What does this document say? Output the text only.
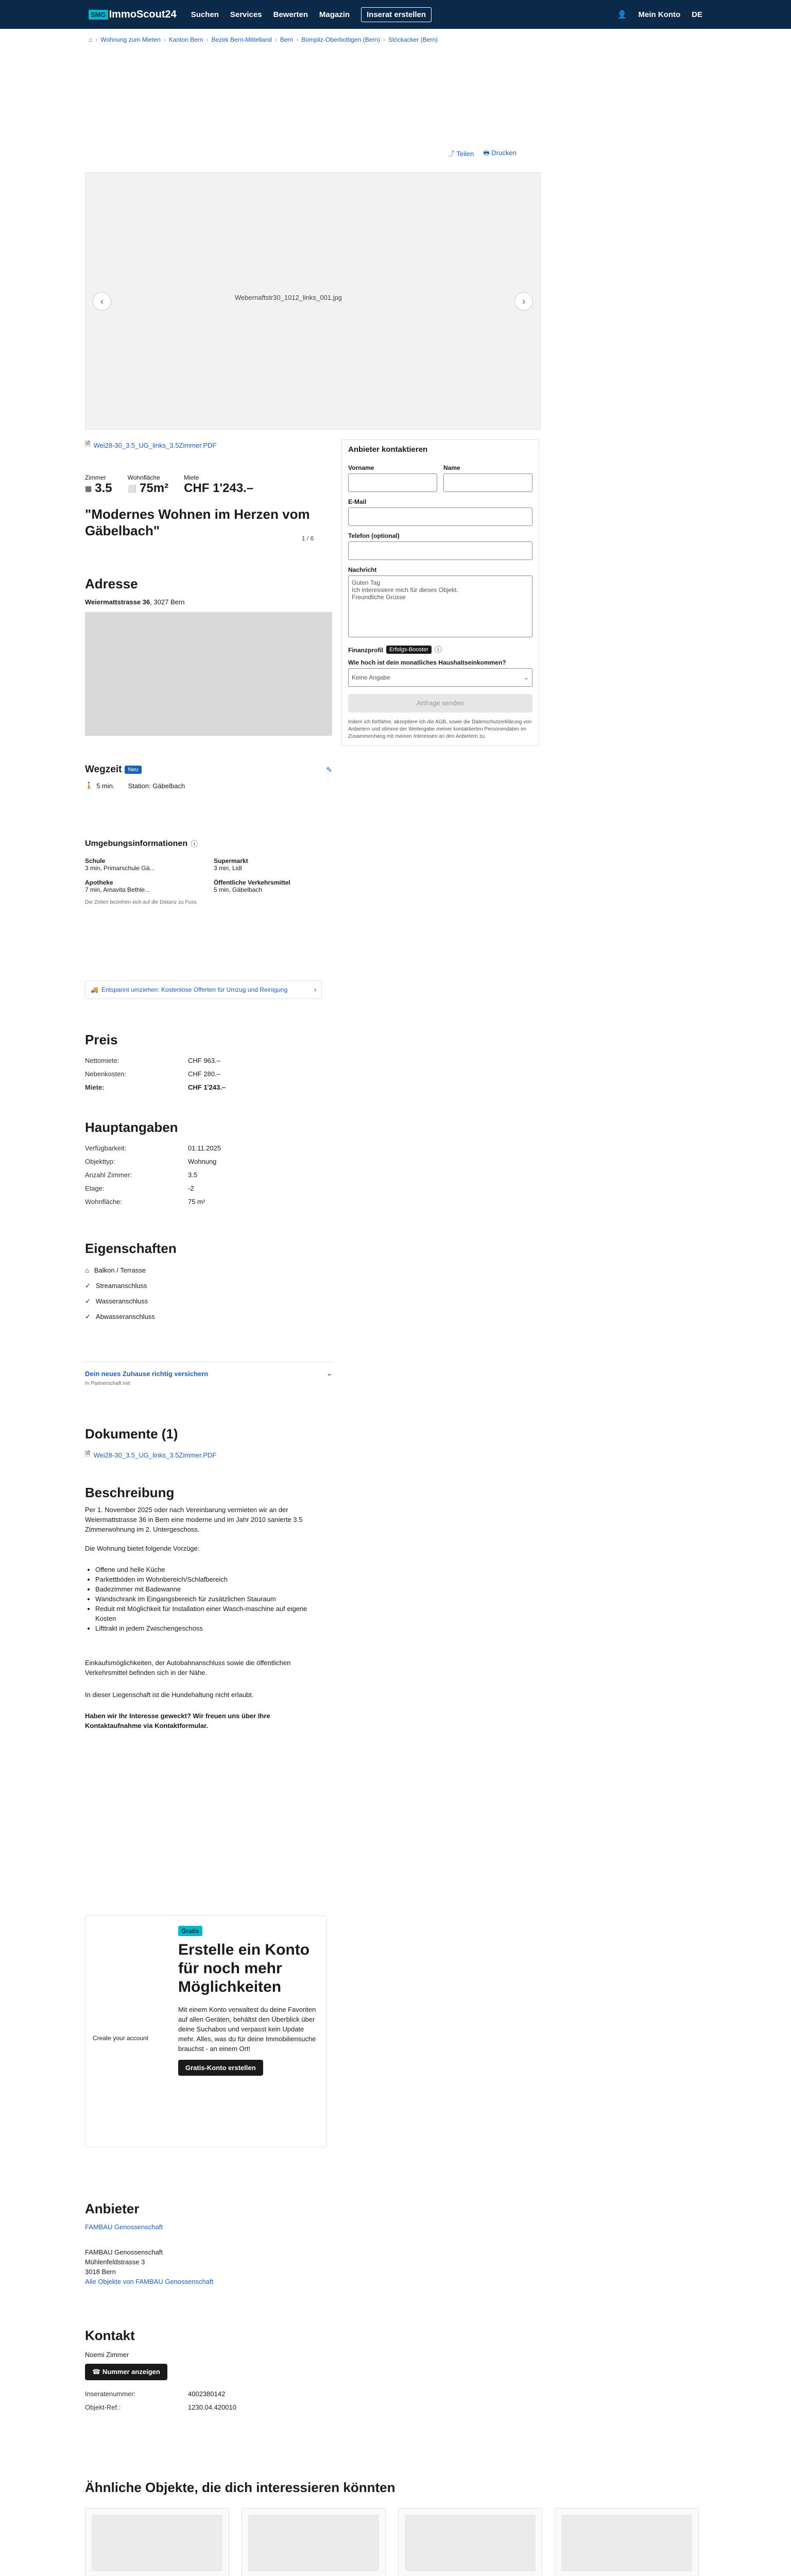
SMG ImmoScout24 Suchen Services Bewerten Magazin Inserat erstellen	👤 Mein Konto DE
⌂ › Wohnung zum Mieten › Kanton Bern › Bezirk Bern-Mittelland › Bern › Bümpliz-Oberbottigen (Bern) › Stöckacker (Bern)
⤴ Teilen 🖶 Drucken
Webernaftstr30_1012_links_001.jpg
‹	›
1 / 6
🗎 Wei28-30_3.5_UG_links_3.5Zimmer.PDF
Zimmer
▦ 3.5
Wohnfläche
⬜ 75m²
Miete
CHF 1'243.–
"Modernes Wohnen im Herzen vom Gäbelbach"
Adresse
Weiermattstrasse 36, 3027 Bern
Wegzeit	Neu	✎
🚶 5 min. Station: Gäbelbach
Umgebungsinformationen ⓘ
Schule
3 min, Primarschule Gä...
Supermarkt
3 min, Lidl
Apotheke
7 min, Amavita Bethle...
Öffentliche Verkehrsmittel
5 min, Gäbelbach
Die Zeiten beziehen sich auf die Distanz zu Fuss.
🚚 Entspannt umziehen: Kostenlose Offerten für Umzug und Reinigung	›
Preis
Nettomiete:	CHF 963.–
Nebenkosten:	CHF 280.–
Miete:	CHF 1'243.–
Hauptangaben
Verfügbarkeit:	01.11.2025
Objekttyp:	Wohnung
Anzahl Zimmer:	3.5
Etage:	-2
Wohnfläche:	75 m²
Eigenschaften
⌂ Balkon / Terrasse
✓ Streamanschluss
✓ Wasseranschluss
✓ Abwasseranschluss
Dein neues Zuhause richtig versichern	⌄
In Partnerschaft mit:
Dokumente (1)
🗎 Wei28-30_3.5_UG_links_3.5Zimmer.PDF
Beschreibung

Per 1. November 2025 oder nach Vereinbarung vermieten wir an der Weiermattstrasse 36 in Bern eine moderne und im Jahr 2010 sanierte 3.5 Zimmerwohnung im 2. Untergeschoss.

Die Wohnung bietet folgende Vorzüge:

• Offene und helle Küche
• Parkettböden im Wohnbereich/Schlafbereich
• Badezimmer mit Badewanne
• Wandschrank im Eingangsbereich für zusätzlichen Stauraum
• Reduit mit Möglichkeit für Installation einer Wasch-maschine auf eigene Kosten
• Lifttrakt in jedem Zwischengeschoss

Einkaufsmöglichkeiten, der Autobahnanschluss sowie die öffentlichen Verkehrsmittel befinden sich in der Nähe.

In dieser Liegenschaft ist die Hundehaltung nicht erlaubt.

Haben wir Ihr Interesse geweckt? Wir freuen uns über Ihre Kontaktaufnahme via Kontaktformular.

Create your account
Gratis
Erstelle ein Konto für noch mehr Möglichkeiten

Mit einem Konto verwaltest du deine Favoriten auf allen Geräten, behältst den Überblick über deine Suchabos und verpasst kein Update mehr. Alles, was du für deine Immobiliensuche brauchst - an einem Ort!

Gratis-Konto erstellen
Anbieter
FAMBAU Genossenschaft
FAMBAU Genossenschaft
Mühlenfeldstrasse 3
3018 Bern
Alle Objekte von FAMBAU Genossenschaft
Kontakt
Noemi Zimmer
☎ Nummer anzeigen
Inseratenummer:	4002380142
Objekt-Ref.:	1230.04.420010
Anbieter kontaktieren
Vorname	Name
E-Mail
Telefon (optional)
Nachricht
Guten Tag
Ich interessiere mich für dieses Objekt.
Freundliche Grüsse
Finanzprofil	Erfolgs-Booster ⓘ
Wie hoch ist dein monatliches Haushaltseinkommen?
Keine Angabe	⌄
Anfrage senden

Indem ich fortfahre, akzeptiere ich die AGB, sowie die Datenschutzerklärung von Anbietern und stimme der Weitergabe meiner kontaktierten Personendaten im Zusammenhang mit meinen Interessen an den Anbietern zu.

Ähnliche Objekte, die dich interessieren könnten
